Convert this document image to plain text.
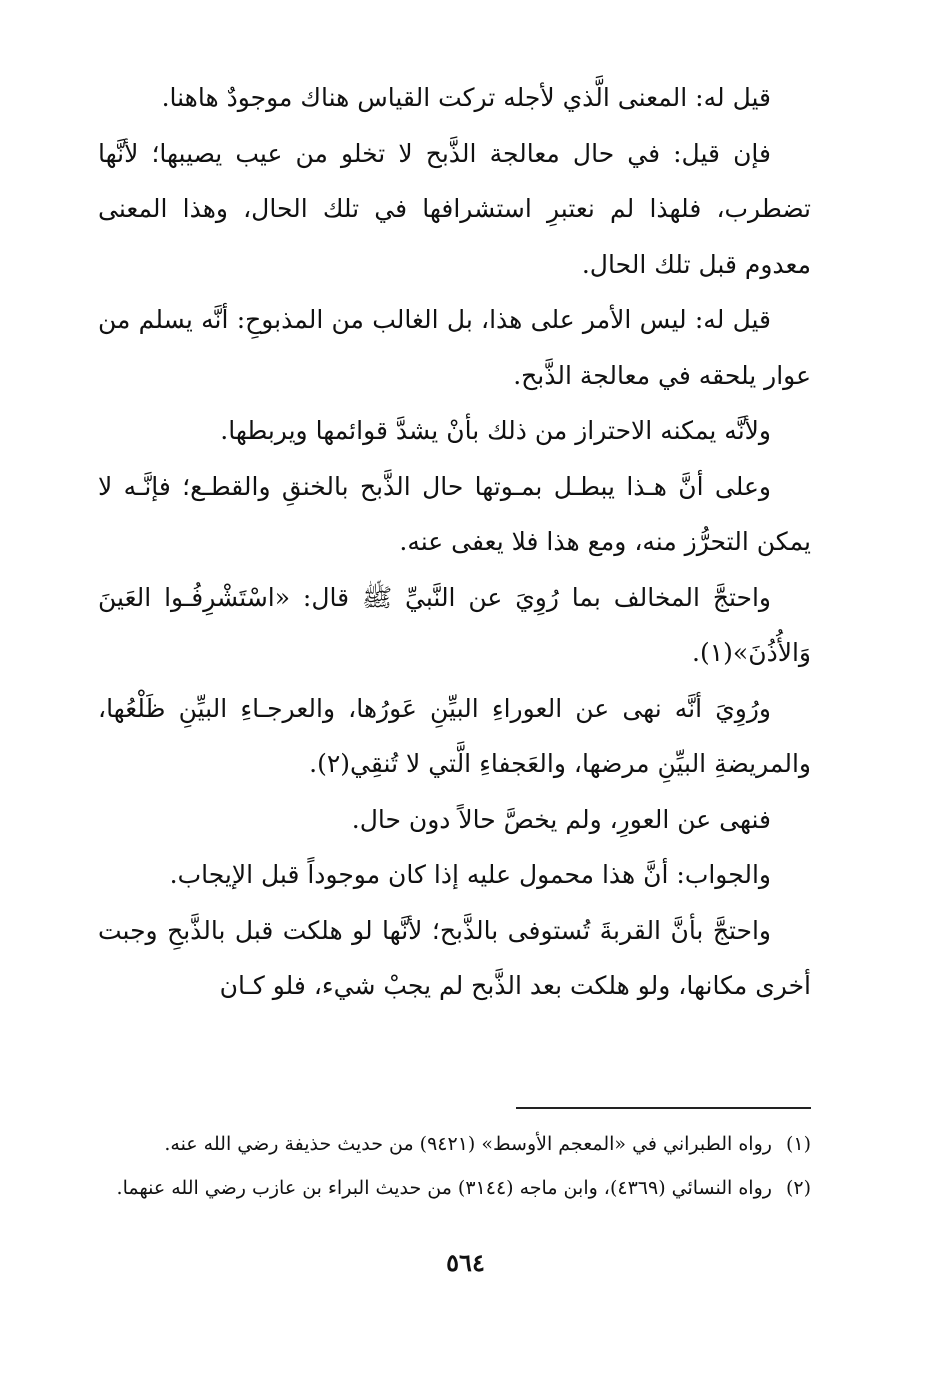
قيل له: المعنى الَّذي لأجله تركت القياس هناك موجودٌ هاهنا.

فإن قيل: في حال معالجة الذَّبح لا تخلو من عيب يصيبها؛ لأنَّها تضطرب، فلهذا لم نعتبرِ استشرافها في تلك الحال، وهذا المعنى معدوم قبل تلك الحال.

قيل له: ليس الأمر على هذا، بل الغالب من المذبوحِ: أنَّه يسلم من عوار يلحقه في معالجة الذَّبح.

ولأنَّه يمكنه الاحتراز من ذلك بأنْ يشدَّ قوائمها ويربطها.

وعلى أنَّ هـذا يبطـل بمـوتها حال الذَّبح بالخنقِ والقطـع؛ فإنَّـه لا يمكن التحرُّز منه، ومع هذا فلا يعفى عنه.

واحتجَّ المخالف بما رُوِيَ عن النَّبيِّ ﷺ قال: «اسْتَشْرِفُـوا العَينَ وَالأُذُنَ»(١).

ورُوِيَ أنَّه نهى عن العوراءِ البيِّنِ عَورُها، والعرجـاءِ البيِّنِ ظَلْعُها، والمريضةِ البيِّنِ مرضها، والعَجفاءِ الَّتي لا تُنقِي(٢).

فنهى عن العورِ، ولم يخصَّ حالاً دون حال.

والجواب: أنَّ هذا محمول عليه إذا كان موجوداً قبل الإيجاب.

واحتجَّ بأنَّ القربةَ تُستوفى بالذَّبح؛ لأنَّها لو هلكت قبل بالذَّبحِ وجبت أخرى مكانها، ولو هلكت بعد الذَّبح لم يجبْ شيء، فلو كـان

(١)
رواه الطبراني في «المعجم الأوسط» (٩٤٢١) من حديث حذيفة رضي الله عنه.

(٢)
رواه النسائي (٤٣٦٩)، وابن ماجه (٣١٤٤) من حديث البراء بن عازب رضي الله عنهما.

٥٦٤
